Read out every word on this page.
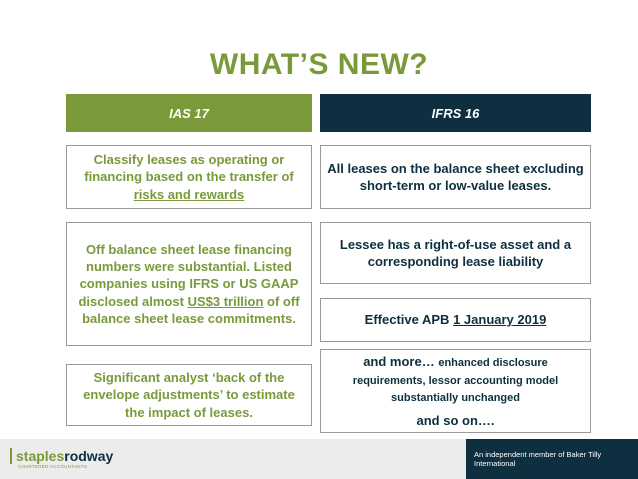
WHAT’S NEW?
IAS 17	IFRS 16
Classify leases as operating or financing based on the transfer of risks and rewards
Off balance sheet lease financing numbers were substantial. Listed companies using IFRS or US GAAP disclosed almost US$3 trillion of off balance sheet lease commitments.
Significant analyst ‘back of the envelope adjustments’ to estimate the impact of leases.
All leases on the balance sheet excluding short-term or low-value leases.
Lessee has a right-of-use asset and a corresponding lease liability
Effective APB 1 January 2019
and more… enhanced disclosure requirements, lessor accounting model substantially unchanged
and so on….
staplesrodway
CHARTERED ACCOUNTANTS
An independent member of Baker Tilly International
